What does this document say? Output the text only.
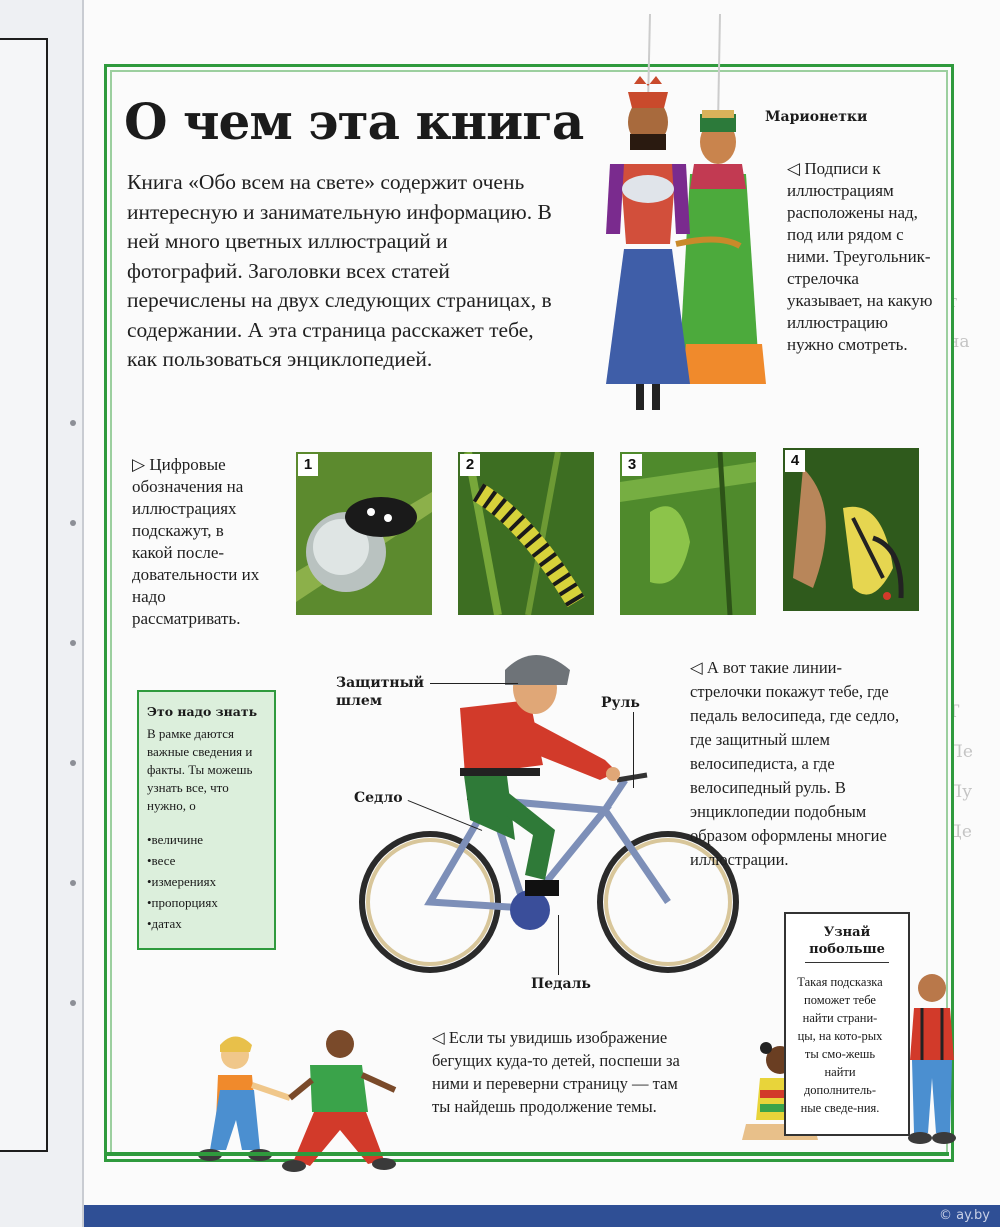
т
на
Т
Пе
Лу
Де
О чем эта книга
Книга «Обо всем на свете» содержит очень интересную и занимательную информацию. В ней много цветных иллюстраций и фотографий. Заголовки всех статей перечислены на двух следующих страницах, в содержании. А эта страница расскажет тебе, как пользоваться энциклопедией.
Марионетки
◁ Подписи к иллюстрациям расположены над, под или рядом с ними. Треугольник-стрелочка указывает, на какую иллюстрацию нужно смотреть.
▷ Цифровые обозначения на иллюстрациях подскажут, в какой после-довательности их надо рассматривать.
1	2	3	4
Это надо знать
В рамке даются важные сведения и факты. Ты можешь узнать все, что нужно, о
•величине
•весе
•измерениях
•пропорциях
•датах
Защитный шлем	Руль
Седло
Педаль
◁ А вот такие линии-стрелочки покажут тебе, где педаль велосипеда, где седло, где защитный шлем велосипедиста, а где велосипедный руль. В энциклопедии подобным образом оформлены многие иллюстрации.
◁ Если ты увидишь изображение бегущих куда-то детей, поспеши за ними и переверни страницу — там ты найдешь продолжение темы.
Узнай побольше
Такая подсказка поможет тебе найти страни-цы, на кото-рых ты смо-жешь найти дополнитель-ные сведе-ния.
© ay.by
